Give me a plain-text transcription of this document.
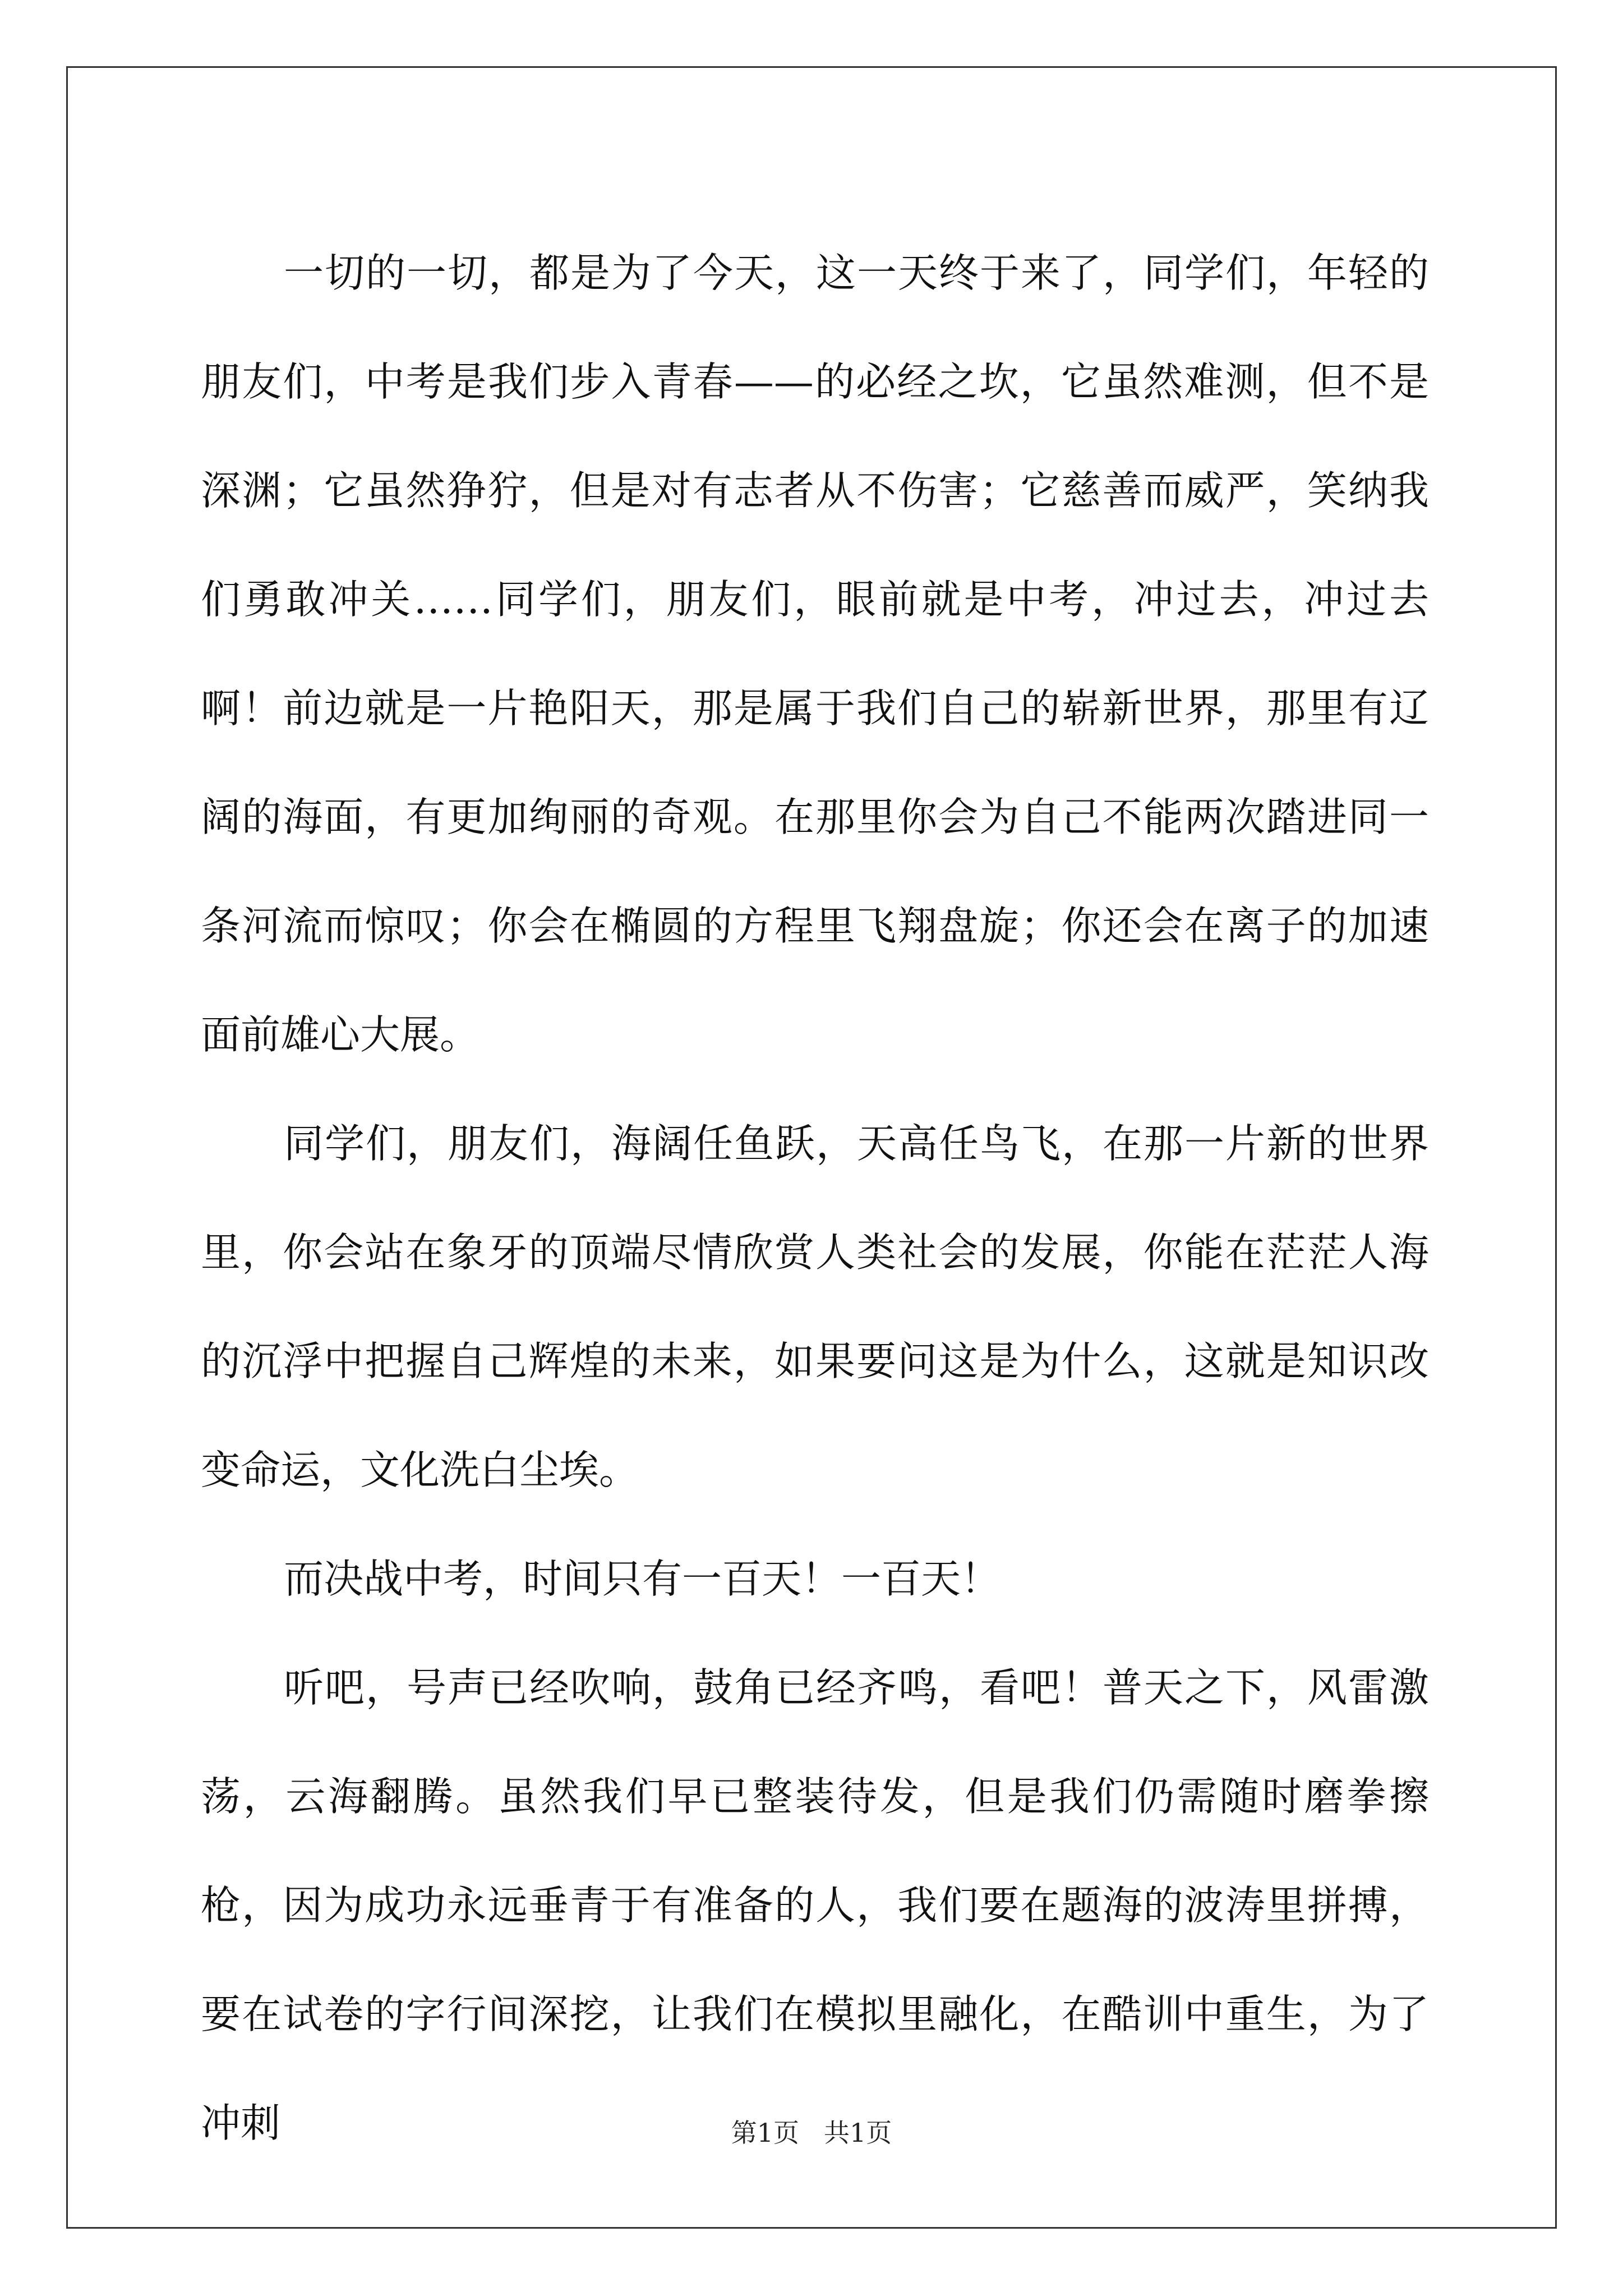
一切的一切，都是为了今天，这一天终于来了，同学们，年轻的朋友们，中考是我们步入青春——的必经之坎，它虽然难测，但不是深渊；它虽然狰狞，但是对有志者从不伤害；它慈善而威严，笑纳我们勇敢冲关……同学们，朋友们，眼前就是中考，冲过去，冲过去啊！前边就是一片艳阳天，那是属于我们自己的崭新世界，那里有辽阔的海面，有更加绚丽的奇观。在那里你会为自己不能两次踏进同一条河流而惊叹；你会在椭圆的方程里飞翔盘旋；你还会在离子的加速面前雄心大展。

同学们，朋友们，海阔任鱼跃，天高任鸟飞，在那一片新的世界里，你会站在象牙的顶端尽情欣赏人类社会的发展，你能在茫茫人海的沉浮中把握自己辉煌的未来，如果要问这是为什么，这就是知识改变命运，文化洗白尘埃。

而决战中考，时间只有一百天！一百天！

听吧，号声已经吹响，鼓角已经齐鸣，看吧！普天之下，风雷激荡，云海翻腾。虽然我们早已整装待发，但是我们仍需随时磨拳擦枪，因为成功永远垂青于有准备的人，我们要在题海的波涛里拼搏，要在试卷的字行间深挖，让我们在模拟里融化，在酷训中重生，为了冲刺	第1页 共1页
